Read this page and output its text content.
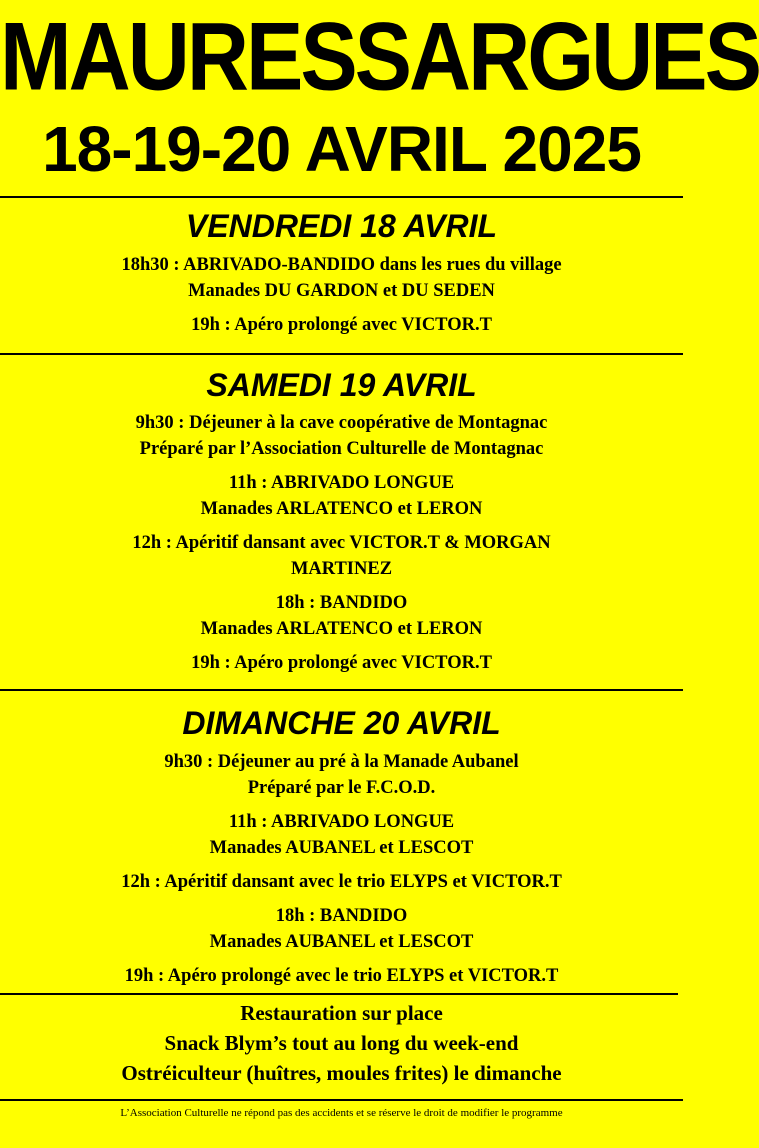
MAURESSARGUES
18-19-20 AVRIL 2025

VENDREDI 18 AVRIL

18h30 : ABRIVADO-BANDIDO dans les rues du village

Manades DU GARDON et DU SEDEN

19h : Apéro prolongé avec VICTOR.T

SAMEDI 19 AVRIL

9h30 : Déjeuner à la cave coopérative de Montagnac

Préparé par l’Association Culturelle de Montagnac

11h : ABRIVADO LONGUE

Manades ARLATENCO et LERON

12h : Apéritif dansant avec VICTOR.T & MORGAN

MARTINEZ

18h : BANDIDO

Manades ARLATENCO et LERON

19h : Apéro prolongé avec VICTOR.T

DIMANCHE 20 AVRIL

9h30 : Déjeuner au pré à la Manade Aubanel

Préparé par le F.C.O.D.

11h : ABRIVADO LONGUE

Manades AUBANEL et LESCOT

12h : Apéritif dansant avec le trio ELYPS et VICTOR.T

18h : BANDIDO

Manades AUBANEL et LESCOT

19h : Apéro prolongé avec le trio ELYPS et VICTOR.T

Restauration sur place

Snack Blym’s tout au long du week-end

Ostréiculteur (huîtres, moules frites) le dimanche

L’Association Culturelle ne répond pas des accidents et se réserve le droit de modifier le programme
